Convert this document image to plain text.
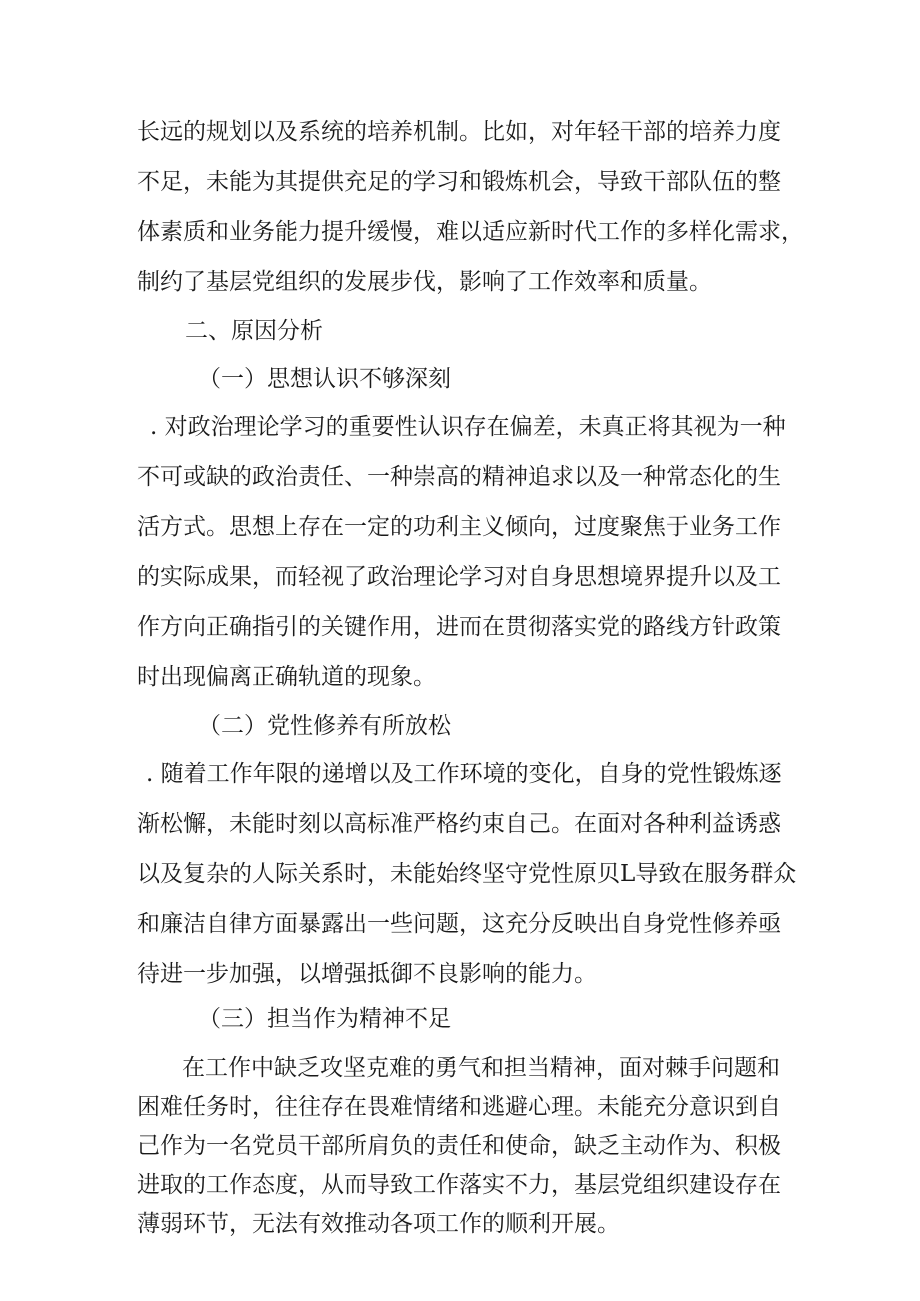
长远的规划以及系统的培养机制。比如，对年轻干部的培养力度
不足，未能为其提供充足的学习和锻炼机会，导致干部队伍的整
体素质和业务能力提升缓慢，难以适应新时代工作的多样化需求，
制约了基层党组织的发展步伐，影响了工作效率和质量。
二、原因分析
（一）思想认识不够深刻
. 对政治理论学习的重要性认识存在偏差，未真正将其视为一种
不可或缺的政治责任、一种崇高的精神追求以及一种常态化的生
活方式。思想上存在一定的功利主义倾向，过度聚焦于业务工作
的实际成果，而轻视了政治理论学习对自身思想境界提升以及工
作方向正确指引的关键作用，进而在贯彻落实党的路线方针政策
时出现偏离正确轨道的现象。
（二）党性修养有所放松
. 随着工作年限的递增以及工作环境的变化，自身的党性锻炼逐
渐松懈，未能时刻以高标准严格约束自己。在面对各种利益诱惑
以及复杂的人际关系时，未能始终坚守党性原贝L导致在服务群众
和廉洁自律方面暴露出一些问题，这充分反映出自身党性修养亟
待进一步加强，以增强抵御不良影响的能力。
（三）担当作为精神不足
在工作中缺乏攻坚克难的勇气和担当精神，面对棘手问题和
困难任务时，往往存在畏难情绪和逃避心理。未能充分意识到自
己作为一名党员干部所肩负的责任和使命，缺乏主动作为、积极
进取的工作态度，从而导致工作落实不力，基层党组织建设存在
薄弱环节，无法有效推动各项工作的顺利开展。
